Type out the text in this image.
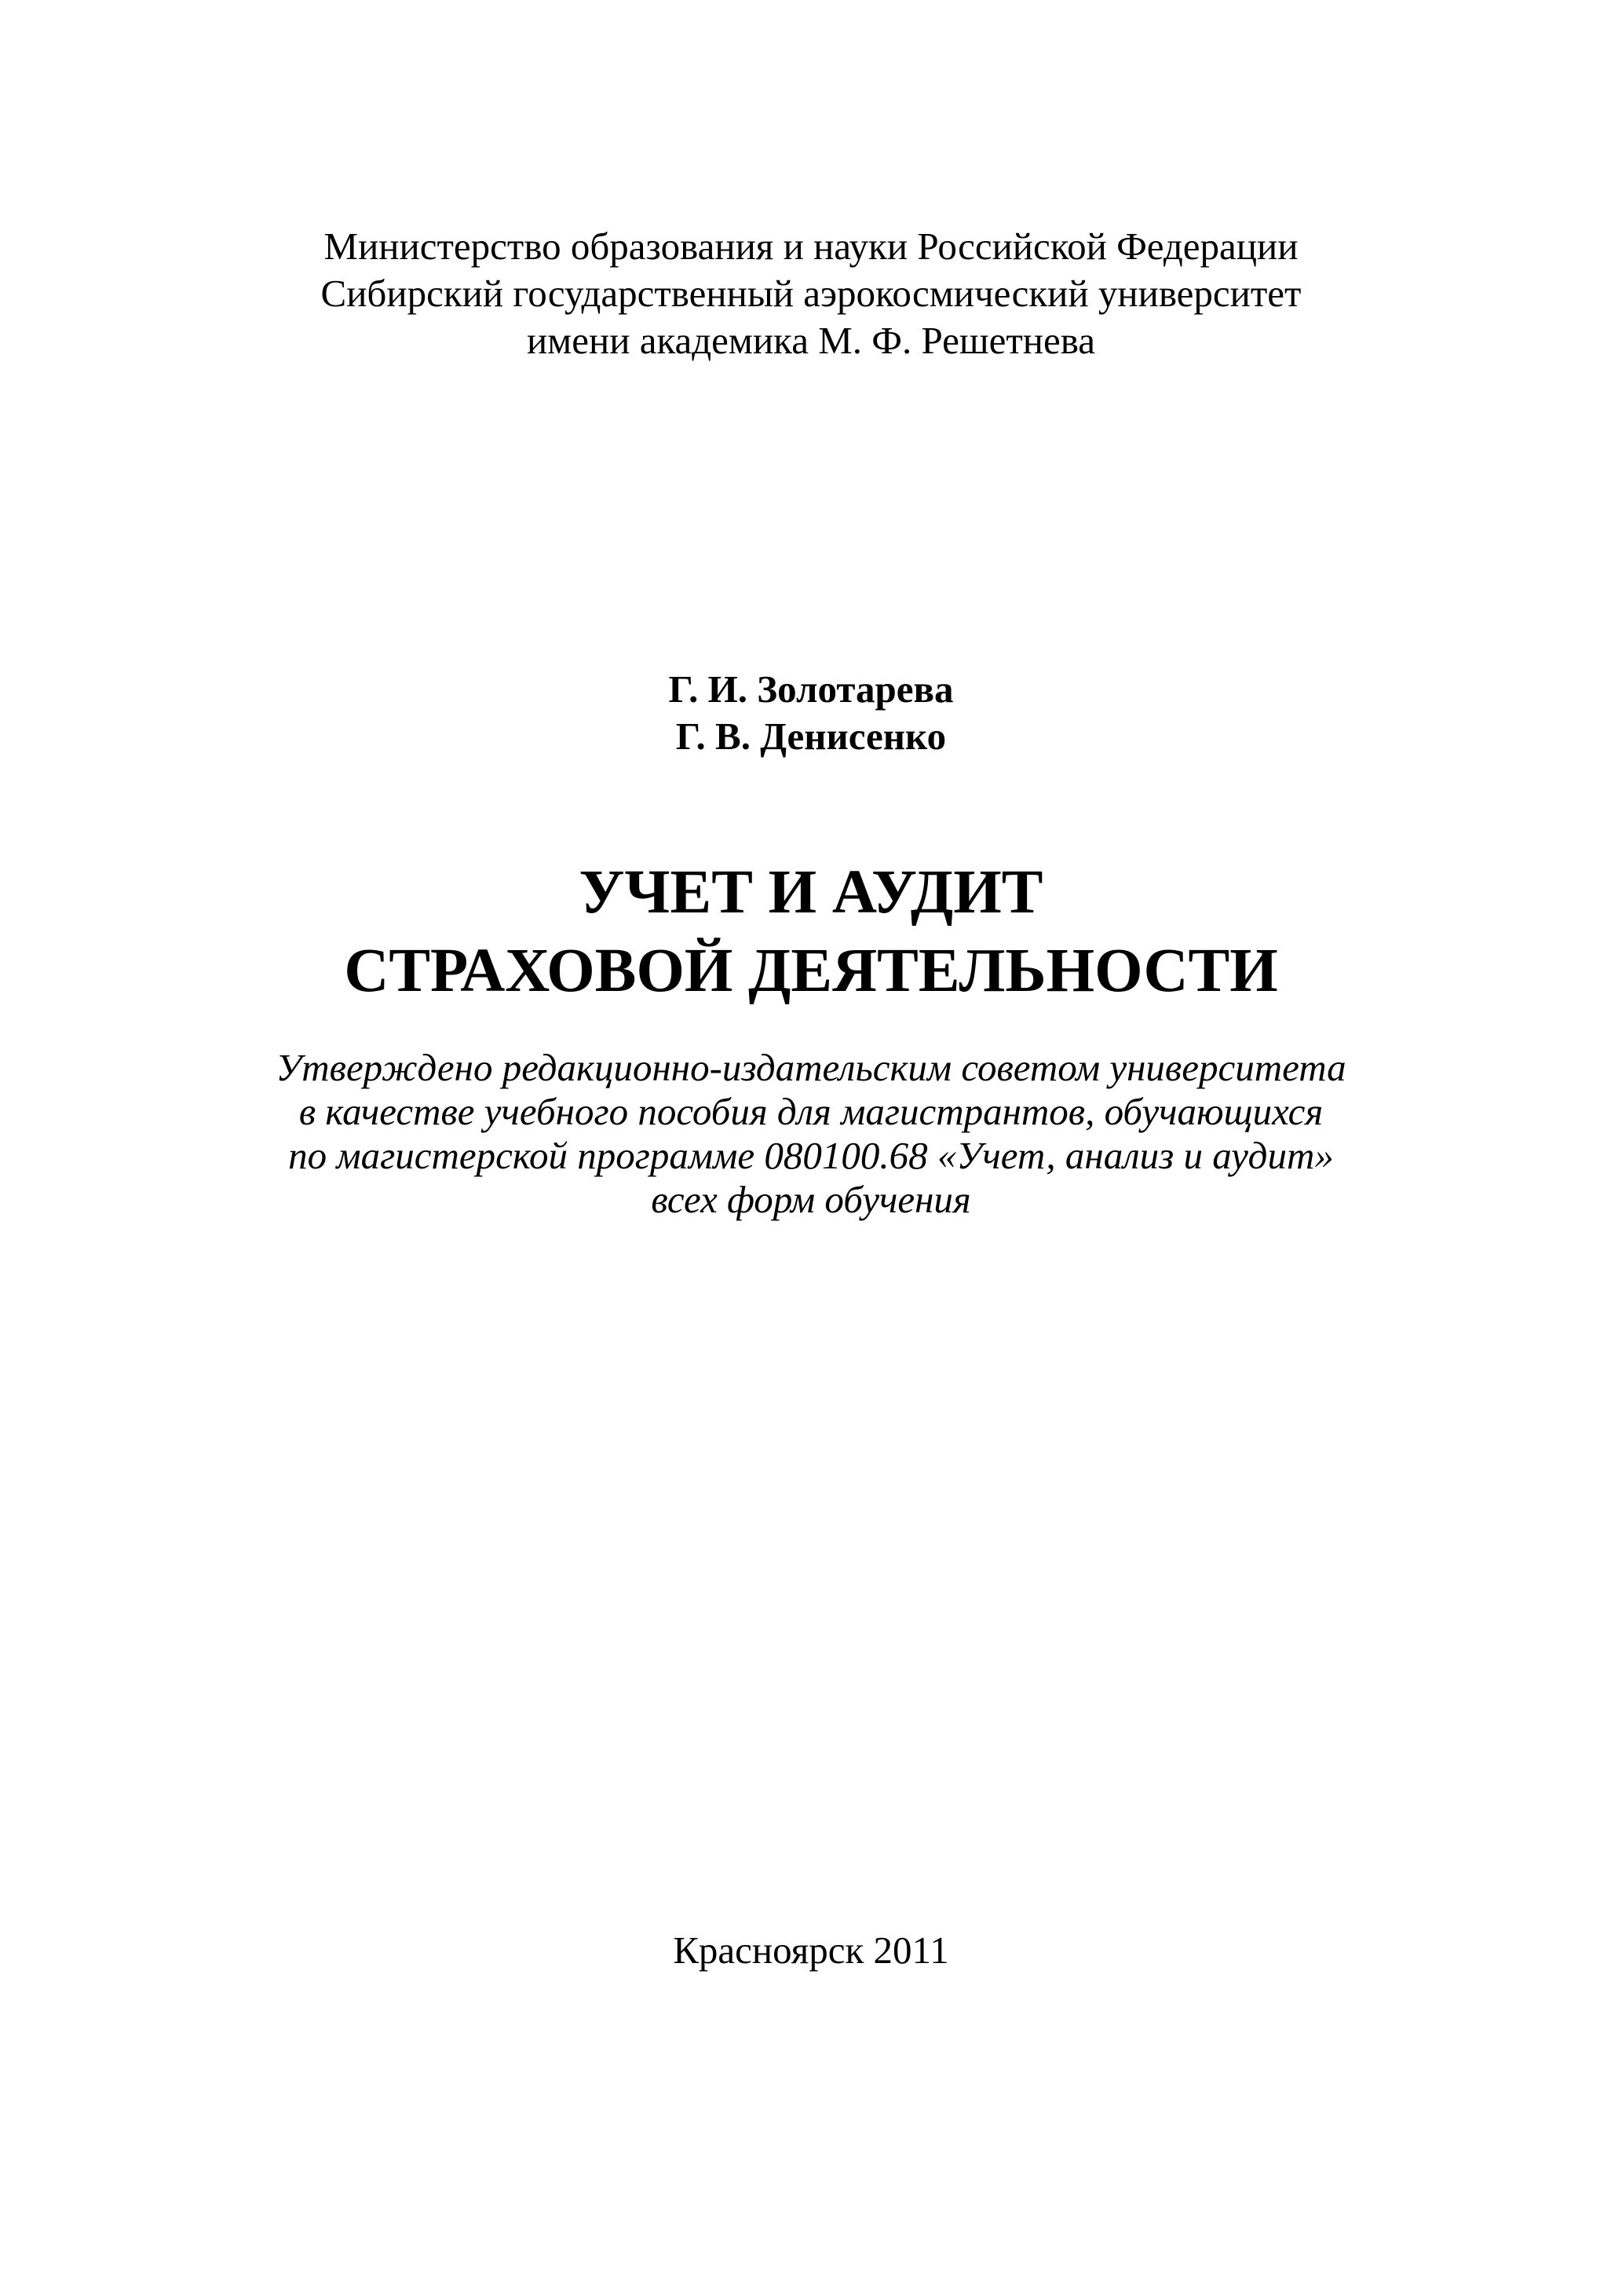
Министерство образования и науки Российской Федерации
Сибирский государственный аэрокосмический университет
имени академика М. Ф. Решетнева
Г. И. Золотарева
Г. В. Денисенко
УЧЕТ И АУДИТ
СТРАХОВОЙ ДЕЯТЕЛЬНОСТИ
Утверждено редакционно-издательским советом университета
в качестве учебного пособия для магистрантов, обучающихся
по магистерской программе 080100.68 «Учет, анализ и аудит»
всех форм обучения
Красноярск 2011
